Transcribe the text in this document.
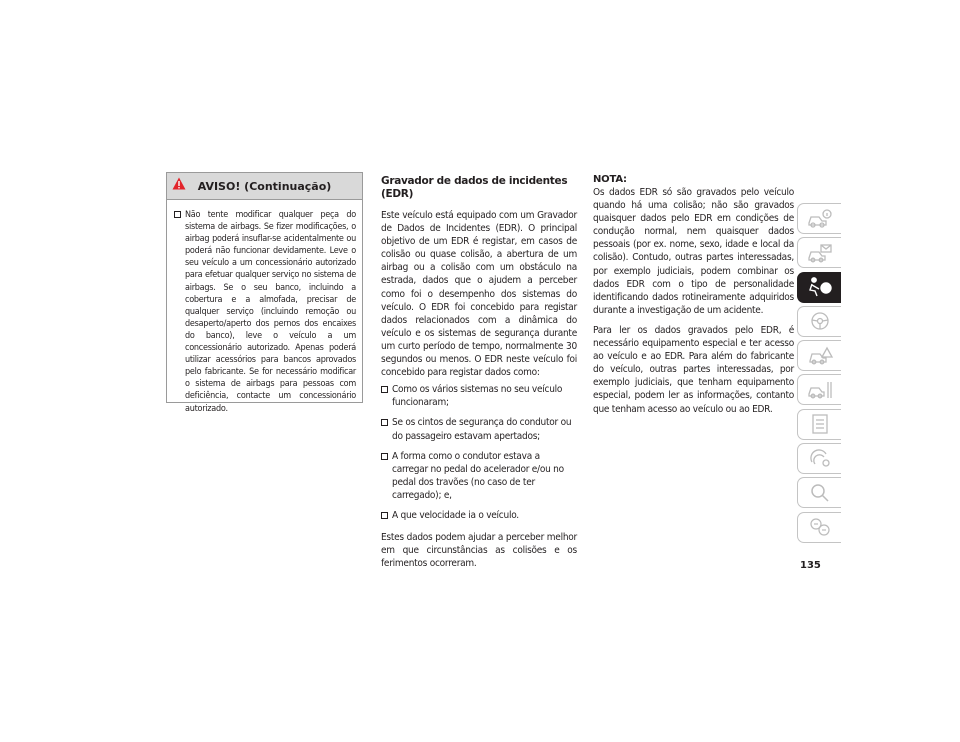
AVISO! (Continuação)
Não tente modificar qualquer peça do sistema de airbags. Se fizer modificações, o airbag poderá insuflar-se acidentalmente ou poderá não funcionar devidamente. Leve o seu veículo a um concessionário autorizado para efetuar qualquer serviço no sistema de airbags. Se o seu banco, incluindo a cobertura e a almofada, precisar de qualquer serviço (incluindo remoção ou desaperto/aperto dos pernos dos encaixes do banco), leve o veículo a um concessionário autorizado. Apenas poderá utilizar acessórios para bancos aprovados pelo fabricante. Se for necessário modificar o sistema de airbags para pessoas com deficiência, contacte um concessionário autorizado.
Gravador de dados de incidentes (EDR)

Este veículo está equipado com um Gravador de Dados de Incidentes (EDR). O principal objetivo de um EDR é registar, em casos de colisão ou quase colisão, a abertura de um airbag ou a colisão com um obstáculo na estrada, dados que o ajudem a perceber como foi o desempenho dos sistemas do veículo. O EDR foi concebido para registar dados relacionados com a dinâmica do veículo e os sistemas de segurança durante um curto período de tempo, normalmente 30 segundos ou menos. O EDR neste veículo foi concebido para registar dados como:

Como os vários sistemas no seu veículo funcionaram;
Se os cintos de segurança do condutor ou do passageiro estavam apertados;
A forma como o condutor estava a carregar no pedal do acelerador e/ou no pedal dos travões (no caso de ter carregado); e,
A que velocidade ia o veículo.

Estes dados podem ajudar a perceber melhor em que circunstâncias as colisões e os ferimentos ocorreram.

NOTA:

Os dados EDR só são gravados pelo veículo quando há uma colisão; não são gravados quaisquer dados pelo EDR em condições de condução normal, nem quaisquer dados pessoais (por ex. nome, sexo, idade e local da colisão). Contudo, outras partes interessadas, por exemplo judiciais, podem combinar os dados EDR com o tipo de personalidade identificando dados rotineiramente adquiridos durante a investigação de um acidente.

Para ler os dados gravados pelo EDR, é necessário equipamento especial e ter acesso ao veículo e ao EDR. Para além do fabricante do veículo, outras partes interessadas, por exemplo judiciais, que tenham equipamento especial, podem ler as informações, contanto que tenham acesso ao veículo ou ao EDR.

135
